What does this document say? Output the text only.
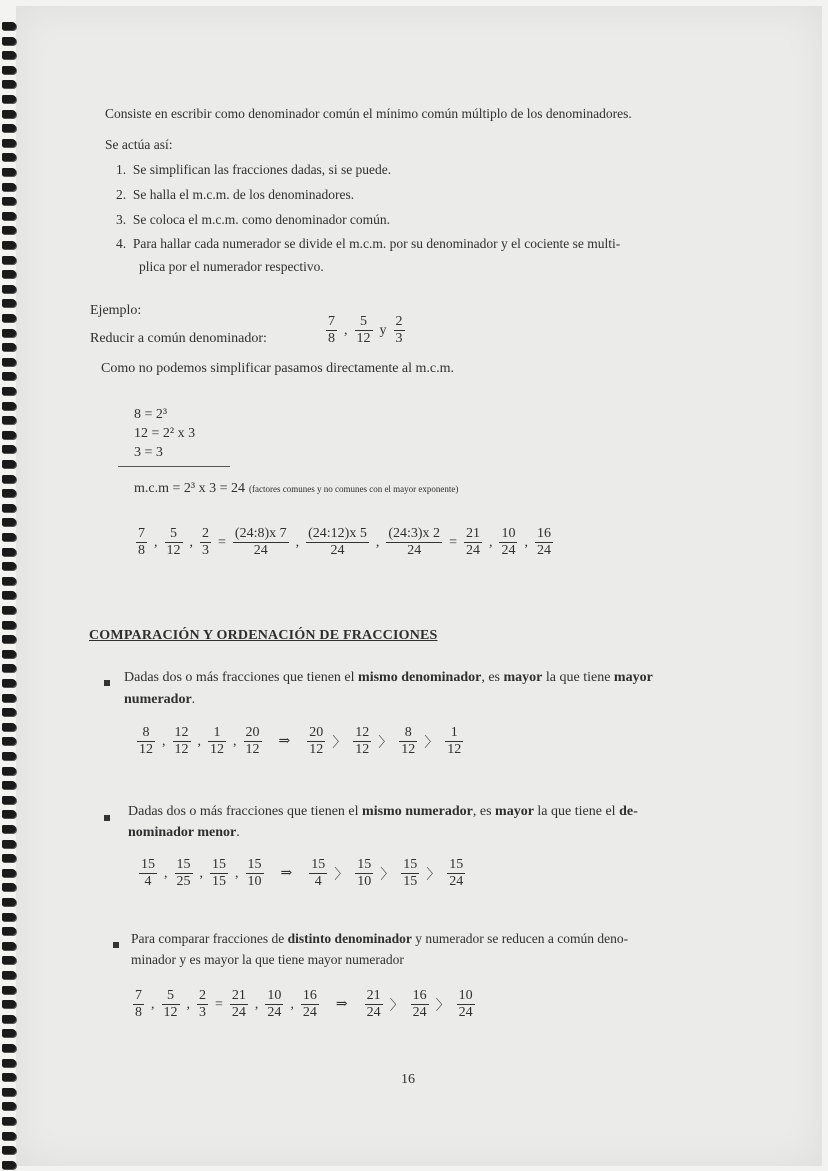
Consiste en escribir como denominador común el mínimo común múltiplo de los denominadores.
Se actúa así:
1. Se simplifican las fracciones dadas, si se puede.
2. Se halla el m.c.m. de los denominadores.
3. Se coloca el m.c.m. como denominador común.
4. Para hallar cada numerador se divide el m.c.m. por su denominador y el cociente se multi-
plica por el numerador respectivo.
Ejemplo:
Reducir a común denominador:	$\frac{7}{8}$ , $\frac{5}{12}$ y $\frac{2}{3}$
Como no podemos simplificar pasamos directamente al m.c.m.
8 = 2³
12 = 2² x 3
3 = 3
m.c.m = 2³ x 3 = 24 (factores comunes y no comunes con el mayor exponente)
$\frac{7}{8}$ , $\frac{5}{12}$ , $\frac{2}{3} = \frac{(24:8)x 7}{24}$ , $\frac{(24:12)x 5}{24}$ , $\frac{(24:3)x 2}{24} = \frac{21}{24}$ , $\frac{10}{24}$ , $\frac{16}{24}$
COMPARACIÓN Y ORDENACIÓN DE FRACCIONES
Dadas dos o más fracciones que tienen el mismo denominador, es mayor la que tiene mayor
numerador.
$\frac{8}{12}$ , $\frac{12}{12}$ , $\frac{1}{12}$ , $\frac{20}{12}$ ⇒ $\frac{20}{12}$ 〉 $\frac{12}{12}$ 〉 $\frac{8}{12}$ 〉 $\frac{1}{12}$
Dadas dos o más fracciones que tienen el mismo numerador, es mayor la que tiene el de-
nominador menor.
$\frac{15}{4}$ , $\frac{15}{25}$ , $\frac{15}{15}$ , $\frac{15}{10}$ ⇒ $\frac{15}{4}$ 〉 $\frac{15}{10}$ 〉 $\frac{15}{15}$ 〉 $\frac{15}{24}$
Para comparar fracciones de distinto denominador y numerador se reducen a común deno-
minador y es mayor la que tiene mayor numerador
$\frac{7}{8}$ , $\frac{5}{12}$ , $\frac{2}{3} = \frac{21}{24}$ , $\frac{10}{24}$ , $\frac{16}{24}$ ⇒ $\frac{21}{24}$ 〉 $\frac{16}{24}$ 〉 $\frac{10}{24}$
16
